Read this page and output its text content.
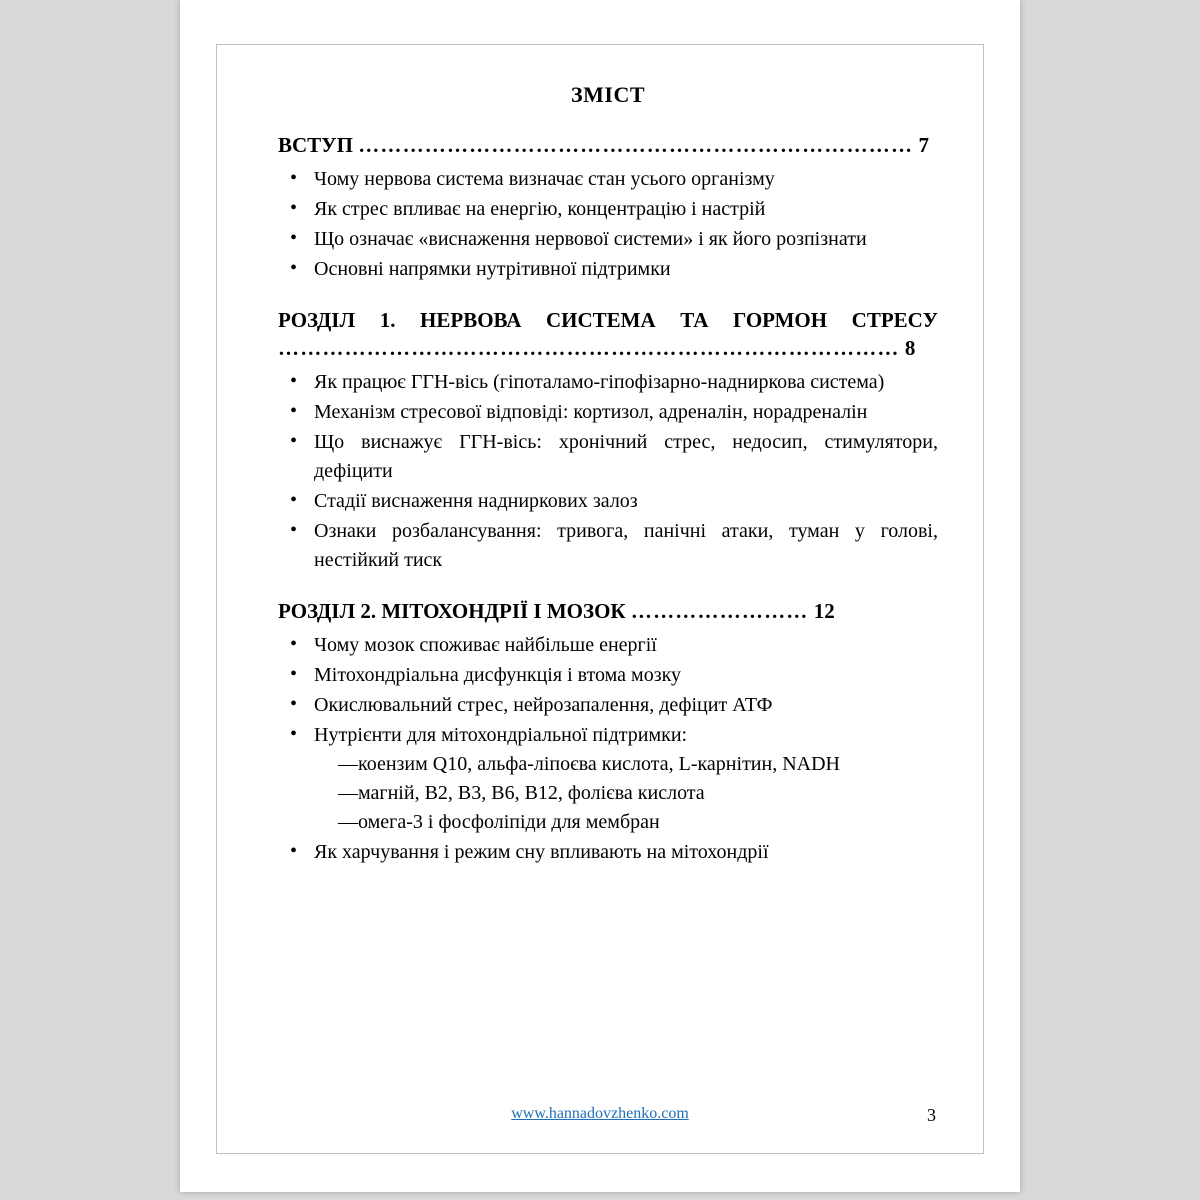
ЗМІСТ
ВСТУП ………………………………………………………………… 7
• Чому нервова система визначає стан усього організму
• Як стрес впливає на енергію, концентрацію і настрій
• Що означає «виснаження нервової системи» і як його розпізнати
• Основні напрямки нутрітивної підтримки
РОЗДІЛ 1. НЕРВОВА СИСТЕМА ТА ГОРМОН СТРЕСУ ………………………………………………………………………… 8
• Як працює ГГН-вісь (гіпоталамо-гіпофізарно-надниркова система)
• Механізм стресової відповіді: кортизол, адреналін, норадреналін
• Що виснажує ГГН-вісь: хронічний стрес, недосип, стимулятори, дефіцити
• Стадії виснаження надниркових залоз
• Ознаки розбалансування: тривога, панічні атаки, туман у голові, нестійкий тиск
РОЗДІЛ 2. МІТОХОНДРІЇ І МОЗОК …………………… 12
• Чому мозок споживає найбільше енергії
• Мітохондріальна дисфункція і втома мозку
• Окислювальний стрес, нейрозапалення, дефіцит АТФ
• Нутрієнти для мітохондріальної підтримки:
—коензим Q10, альфа-ліпоєва кислота, L-карнітин, NADH
—магній, B2, B3, B6, B12, фолієва кислота
—омега-3 і фосфоліпіди для мембран
• Як харчування і режим сну впливають на мітохондрії
www.hannadovzhenko.com	3
